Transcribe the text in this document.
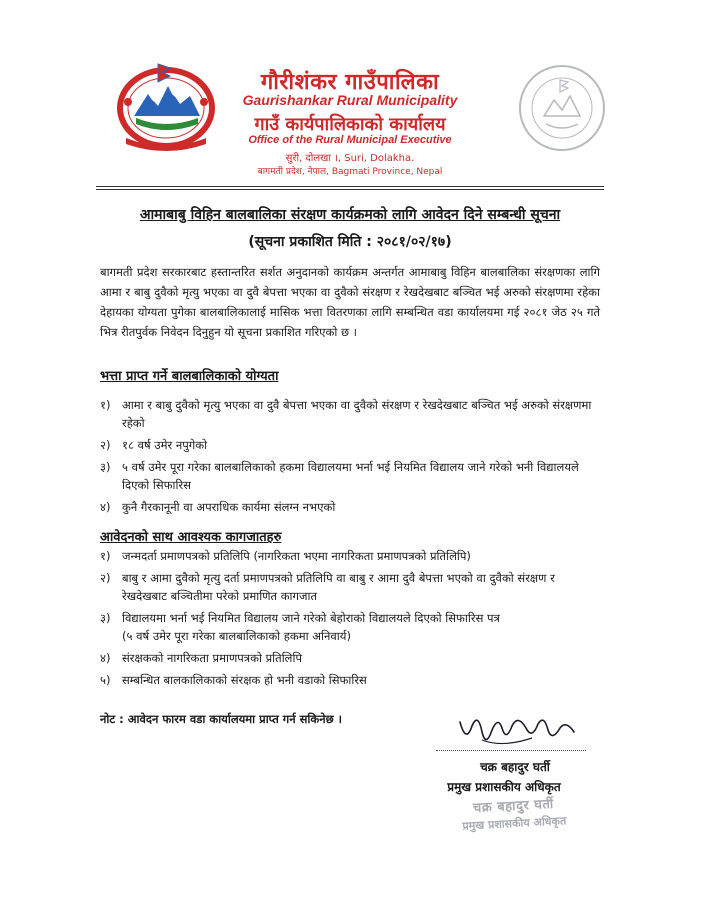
गौरीशंकर गाउँपालिका
Gaurishankar Rural Municipality
गाउँ कार्यपालिकाको कार्यालय
Office of the Rural Municipal Executive
सुरी, दोलखा ।, Suri, Dolakha.
बागमती प्रदेश, नेपाल, Bagmati Province, Nepal
आमाबाबु विहिन बालबालिका संरक्षण कार्यक्रमको लागि आवेदन दिने सम्बन्धी सूचना
(सूचना प्रकाशित मिति : २०८१/०२/१७)
बागमती प्रदेश सरकारबाट हस्तान्तरित सर्शत अनुदानको कार्यक्रम अन्तर्गत आमाबाबु विहिन बालबालिका संरक्षणका लागि आमा र बाबु दुवैको मृत्यु भएका वा दुवै बेपत्ता भएका वा दुवैको संरक्षण र रेखदेखबाट बञ्चित भई अरुको संरक्षणमा रहेका देहायका योग्यता पुगेका बालबालिकालाई मासिक भत्ता वितरणका लागि सम्बन्धित वडा कार्यालयमा गई २०८१ जेठ २५ गते भित्र रीतपुर्वक निवेदन दिनुहुन यो सूचना प्रकाशित गरिएको छ ।
भत्ता प्राप्त गर्ने बालबालिकाको योग्यता
१) आमा र बाबु दुवैको मृत्यु भएका वा दुवै बेपत्ता भएका वा दुवैको संरक्षण र रेखदेखबाट बञ्चित भई अरुको संरक्षणमा रहेको
२) १८ वर्ष उमेर नपुगेको
३) ५ वर्ष उमेर पूरा गरेका बालबालिकाको हकमा विद्यालयमा भर्ना भई नियमित विद्यालय जाने गरेको भनी विद्यालयले दिएको सिफारिस
४) कुनै गैरकानूनी वा अपराधिक कार्यमा संलग्न नभएको
आवेदनको साथ आवश्यक कागजातहरु
१) जन्मदर्ता प्रमाणपत्रको प्रतिलिपि (नागरिकता भएमा नागरिकता प्रमाणपत्रको प्रतिलिपि)
२) बाबु र आमा दुवैको मृत्यु दर्ता प्रमाणपत्रको प्रतिलिपि वा बाबु र आमा दुवै बेपत्ता भएको वा दुवैको संरक्षण र रेखदेखबाट बञ्चितीमा परेको प्रमाणित कागजात
३) विद्यालयमा भर्ना भई नियमित विद्यालय जाने गरेको बेहोराको विद्यालयले दिएको सिफारिस पत्र
(५ वर्ष उमेर पूरा गरेका बालबालिकाको हकमा अनिवार्य)
४) संरक्षकको नागरिकता प्रमाणपत्रको प्रतिलिपि
५) सम्बन्धित बालकालिकाको संरक्षक हो भनी वडाको सिफारिस
नोट : आवेदन फारम वडा कार्यालयमा प्राप्त गर्न सकिनेछ ।
चक्र बहादुर घर्ती
प्रमुख प्रशासकीय अधिकृत
चक्र बहादुर घर्ती
प्रमुख प्रशासकीय अधिकृत
